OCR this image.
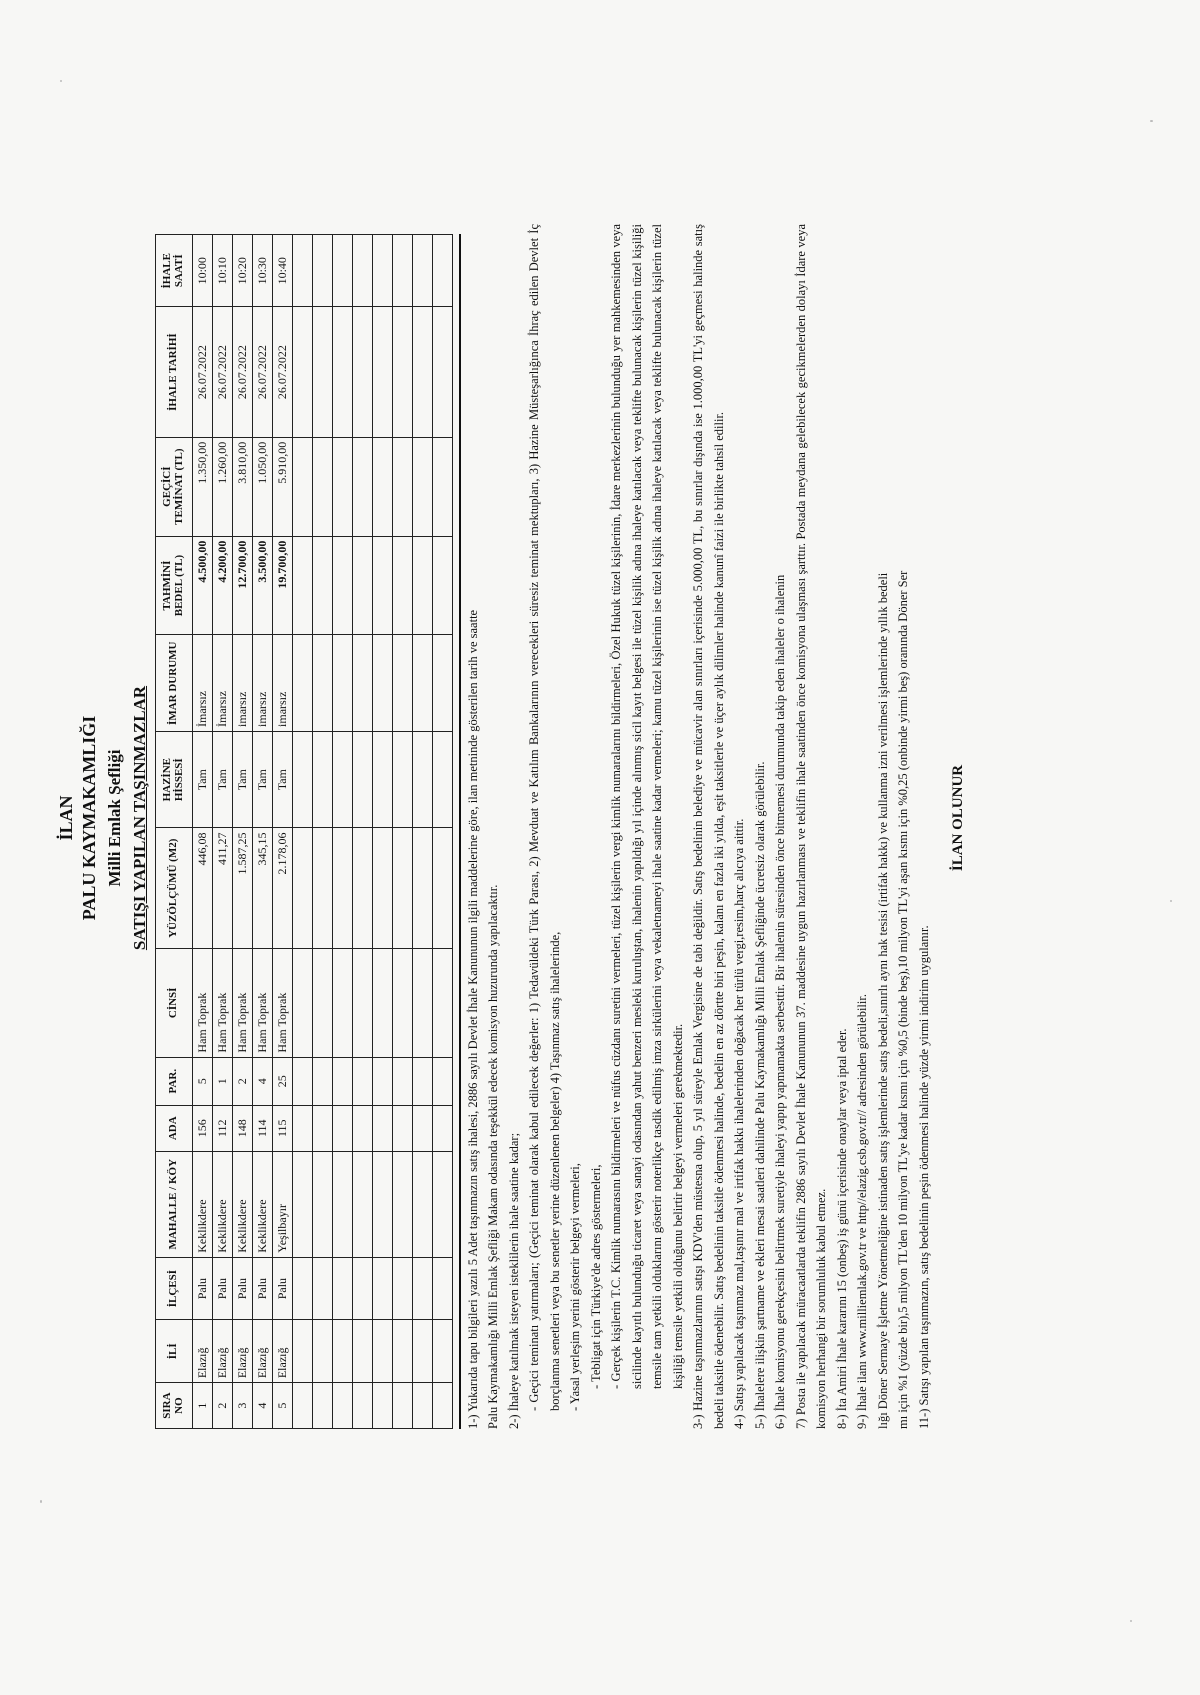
İLAN PALU KAYMAKAMLIĞI Milli Emlak Şefliği SATIŞI YAPILAN TAŞINMAZLAR
SIRA NO	İLİ	İLÇESİ	MAHALLE / KÖY	ADA	PAR.	CİNSİ	YÜZÖLÇÜMÜ (M2)	HAZİNE HİSSESİ	İMAR DURUMU	TAHMİNİ BEDEL (TL)	GEÇİCİ TEMİNAT (TL)	İHALE TARİHİ	İHALE SAATİ
1	Elazığ	Palu	Keklikdere	156	5	Ham Toprak	446,08	Tam	İmarsız	4.500,00	1.350,00	26.07.2022	10:00
2	Elazığ	Palu	Keklikdere	112	1	Ham Toprak	411,27	Tam	İmarsız	4.200,00	1.260,00	26.07.2022	10:10
3	Elazığ	Palu	Keklikdere	148	2	Ham Toprak	1.587,25	Tam	imarsız	12.700,00	3.810,00	26.07.2022	10:20
4	Elazığ	Palu	Keklikdere	114	4	Ham Toprak	345,15	Tam	imarsız	3.500,00	1.050,00	26.07.2022	10:30
5	Elazığ	Palu	Yeşilbayır	115	25	Ham Toprak	2.178,06	Tam	imarsız	19.700,00	5.910,00	26.07.2022	10:40

1-) Yukarıda tapu bilgileri yazılı 5 Adet taşınmazın satış ihalesi, 2886 sayılı Devlet İhale Kanununun ilgili maddelerine göre, ilan metninde gösterilen tarih ve saatte Palu Kaymakamlığı Milli Emlak Şefliği Makam odasında teşekkül edecek komisyon huzurunda yapılacaktır. 2-) İhaleye katılmak isteyen isteklilerin ihale saatine kadar; - Geçici teminatı yatırmaları; (Geçici teminat olarak kabul edilecek değerler: 1) Tedavüldeki Türk Parası, 2) Mevduat ve Katılım Bankalarının verecekleri süresiz teminat mektupları, 3) Hazine Müsteşarlığınca İhraç edilen Devlet İç borçlanma senetleri veya bu senetler yerine düzenlenen belgeler) 4) Taşınmaz satış ihalelerinde, - Yasal yerleşim yerini gösterir belgeyi vermeleri, - Tebligat için Türkiye'de adres göstermeleri, - Gerçek kişilerin T.C. Kimlik numarasını bildirmeleri ve nüfus cüzdanı suretini vermeleri, tüzel kişilerin vergi kimlik numaralarını bildirmeleri, Özel Hukuk tüzel kişilerinin, İdare merkezlerinin bulunduğu yer mahkemesinden veya sicilinde kayıtlı bulunduğu ticaret veya sanayi odasından yahut benzeri mesleki kuruluştan, ihalenin yapıldığı yıl içinde alınmış sicil kayıt belgesi ile tüzel kişilik adına ihaleye katılacak veya teklifte bulunacak kişilerin tüzel kişiliği temsile tam yetkili olduklarını gösterir noterlikçe tasdik edilmiş imza sirkülerini veya vekaletnameyi ihale saatine kadar vermeleri; kamu tüzel kişilerinin ise tüzel kişilik adına ihaleye katılacak veya teklifte bulunacak kişilerin tüzel kişiliği temsile yetkili olduğunu belirtir belgeyi vermeleri gerekmektedir. 3-) Hazine taşınmazlarının satışı KDV'den müstesna olup, 5 yıl süreyle Emlak Vergisine de tabi değildir. Satış bedelinin belediye ve mücavir alan sınırları içerisinde 5.000,00 TL, bu sınırlar dışında ise 1.000,00 TL'yi geçmesi halinde satış bedeli taksitle ödenebilir. Satış bedelinin taksitle ödenmesi halinde, bedelin en az dörtte biri peşin, kalanı en fazla iki yılda, eşit taksitlerle ve üçer aylık dilimler halinde kanunî faizi ile birlikte tahsil edilir. 4-) Satışı yapılacak taşınmaz mal,taşınır mal ve irtifak hakkı ihalelerinden doğacak her türlü vergi,resim,harç alıcıya aittir. 5-) İhalelere ilişkin şartname ve ekleri mesai saatleri dahilinde Palu Kaymakamlığı Milli Emlak Şefliğinde ücretsiz olarak görülebilir. 6-) İhale komisyonu gerekçesini belirtmek suretiyle ihaleyi yapıp yapmamakta serbesttir. Bir ihalenin süresinden önce bitmemesi durumunda takip eden ihaleler o ihalenin 7) Posta ile yapılacak müracaatlarda teklifin 2886 sayılı Devlet İhale Kanununun 37. maddesine uygun hazırlanması ve teklifin ihale saatinden önce komisyona ulaşması şarttır. Postada meydana gelebilecek gecikmelerden dolayı İdare veya komisyon herhangi bir sorumluluk kabul etmez. 8-) İta Amiri İhale kararını 15 (onbeş) iş günü içerisinde onaylar veya iptal eder. 9-) İhale ilanı www.milliemlak.gov.tr ve http//elazig.csb.gov.tr// adresinden görülebilir. lığı Döner Sermaye İşletme Yönetmeliğine istinaden satış işlemlerinde satış bedeli,sınırlı aynı hak tesisi (irtifak hakkı) ve kullanma izni verilmesi işlemlerinde yıllık bedeli mı için %1 (yüzde bir),5 milyon TL'den 10 milyon TL'ye kadar kısmı için %0,5 (binde beş),10 milyon TL'yi aşan kısmı için %0,25 (onbinde yirmi beş) oranında Döner Ser 11-) Satışı yapılan taşınmazın, satış bedelinin peşin ödenmesi halinde yüzde yirmi indirim uygulanır.

İLAN OLUNUR
